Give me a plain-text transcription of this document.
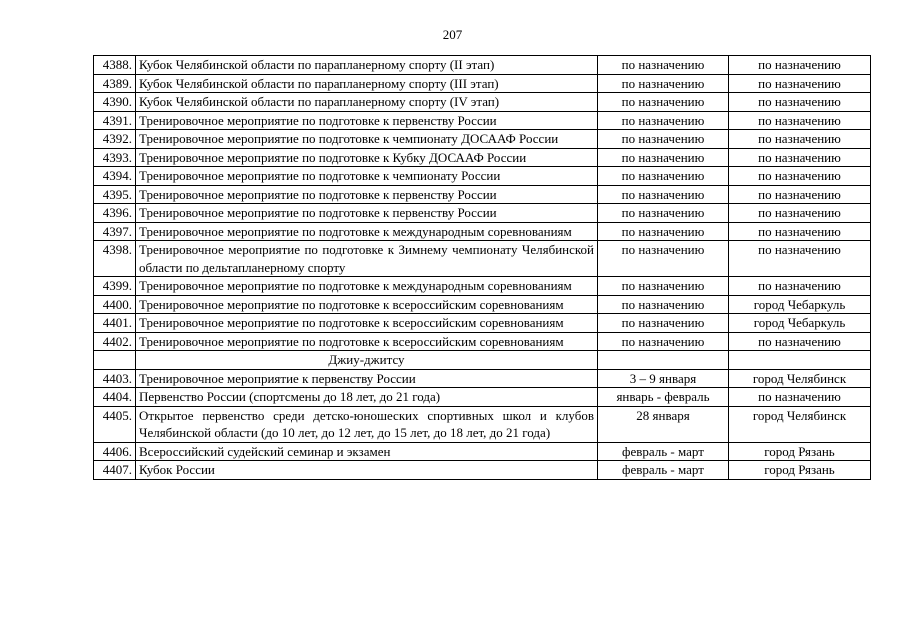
207
4388.	Кубок Челябинской области по парапланерному спорту (II этап)	по назначению	по назначению
4389.	Кубок Челябинской области по парапланерному спорту (III этап)	по назначению	по назначению
4390.	Кубок Челябинской области по парапланерному спорту (IV этап)	по назначению	по назначению
4391.	Тренировочное мероприятие по подготовке к первенству России	по назначению	по назначению
4392.	Тренировочное мероприятие по подготовке к чемпионату ДОСААФ России	по назначению	по назначению
4393.	Тренировочное мероприятие по подготовке к Кубку ДОСААФ России	по назначению	по назначению
4394.	Тренировочное мероприятие по подготовке к чемпионату России	по назначению	по назначению
4395.	Тренировочное мероприятие по подготовке к первенству России	по назначению	по назначению
4396.	Тренировочное мероприятие по подготовке к первенству России	по назначению	по назначению
4397.	Тренировочное мероприятие по подготовке к международным соревнованиям	по назначению	по назначению
4398.	Тренировочное мероприятие по подготовке к Зимнему чемпионату Челябинской области по дельтапланерному спорту	по назначению	по назначению
4399.	Тренировочное мероприятие по подготовке к международным соревнованиям	по назначению	по назначению
4400.	Тренировочное мероприятие по подготовке к всероссийским соревнованиям	по назначению	город Чебаркуль
4401.	Тренировочное мероприятие по подготовке к всероссийским соревнованиям	по назначению	город Чебаркуль
4402.	Тренировочное мероприятие по подготовке к всероссийским соревнованиям	по назначению	по назначению
	Джиу-джитсу		
4403.	Тренировочное мероприятие к первенству России	3 – 9 января	город Челябинск
4404.	Первенство России (спортсмены до 18 лет, до 21 года)	январь - февраль	по назначению
4405.	Открытое первенство среди детско-юношеских спортивных школ и клубов Челябинской области (до 10 лет, до 12 лет, до 15 лет, до 18 лет, до 21 года)	28 января	город Челябинск
4406.	Всероссийский судейский семинар и экзамен	февраль - март	город Рязань
4407.	Кубок России	февраль - март	город Рязань
